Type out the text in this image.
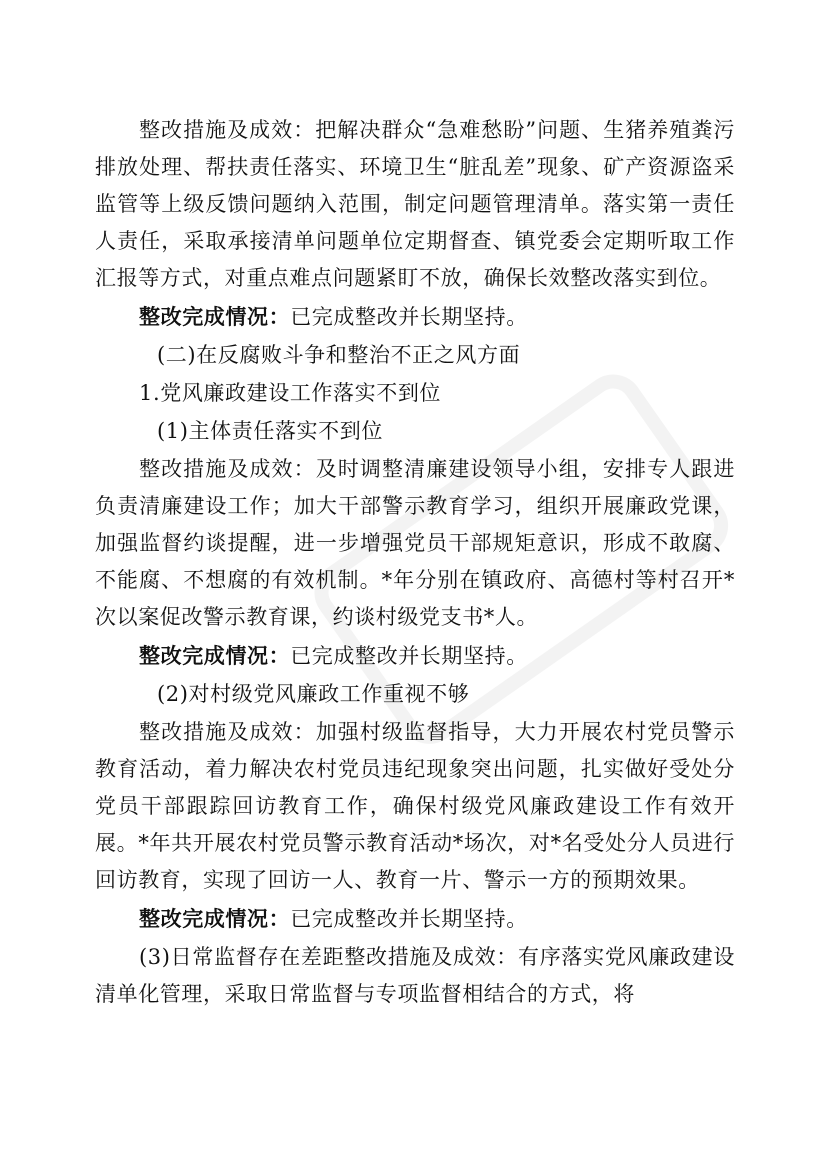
整改措施及成效：把解决群众“急难愁盼”问题、生猪养殖粪污排放处理、帮扶责任落实、环境卫生“脏乱差”现象、矿产资源盗采监管等上级反馈问题纳入范围，制定问题管理清单。落实第一责任人责任，采取承接清单问题单位定期督查、镇党委会定期听取工作汇报等方式，对重点难点问题紧盯不放，确保长效整改落实到位。

整改完成情况：已完成整改并长期坚持。

(二)在反腐败斗争和整治不正之风方面

1.党风廉政建设工作落实不到位

(1)主体责任落实不到位

整改措施及成效：及时调整清廉建设领导小组，安排专人跟进负责清廉建设工作；加大干部警示教育学习，组织开展廉政党课，加强监督约谈提醒，进一步增强党员干部规矩意识，形成不敢腐、不能腐、不想腐的有效机制。*年分别在镇政府、高德村等村召开*次以案促改警示教育课，约谈村级党支书*人。

整改完成情况：已完成整改并长期坚持。

(2)对村级党风廉政工作重视不够

整改措施及成效：加强村级监督指导，大力开展农村党员警示教育活动，着力解决农村党员违纪现象突出问题，扎实做好受处分党员干部跟踪回访教育工作，确保村级党风廉政建设工作有效开展。*年共开展农村党员警示教育活动*场次，对*名受处分人员进行回访教育，实现了回访一人、教育一片、警示一方的预期效果。

整改完成情况：已完成整改并长期坚持。

(3)日常监督存在差距整改措施及成效：有序落实党风廉政建设清单化管理，采取日常监督与专项监督相结合的方式，将
